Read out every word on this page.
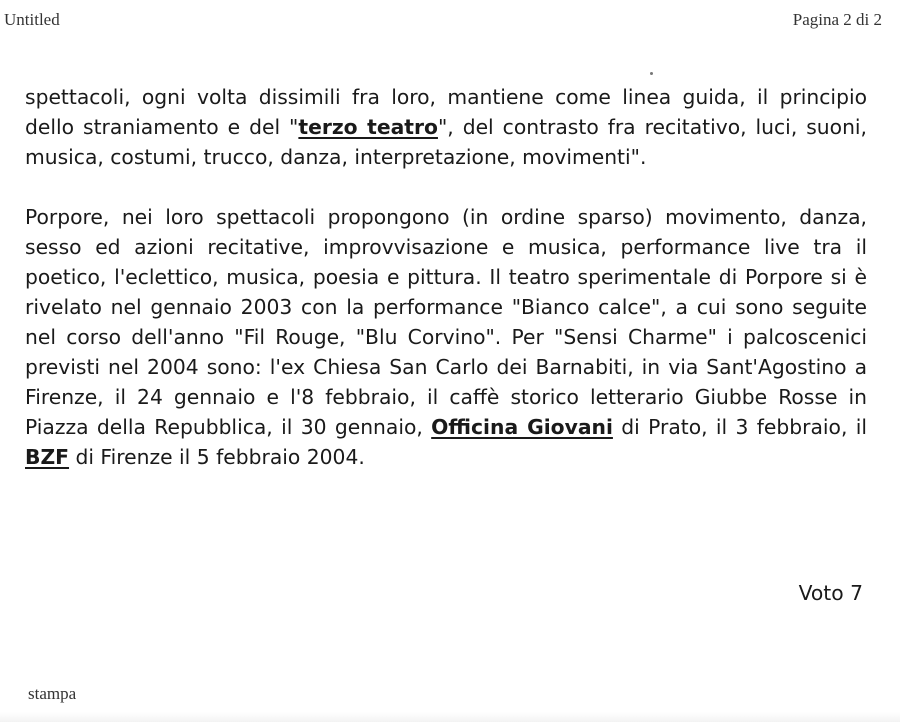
Untitled	Pagina 2 di 2

spettacoli, ogni volta dissimili fra loro, mantiene come linea guida, il principio dello straniamento e del "terzo teatro", del contrasto fra recitativo, luci, suoni, musica, costumi, trucco, danza, interpretazione, movimenti".

Porpore, nei loro spettacoli propongono (in ordine sparso) movimento, danza, sesso ed azioni recitative, improvvisazione e musica, performance live tra il poetico, l'eclettico, musica, poesia e pittura. Il teatro sperimentale di Porpore si è rivelato nel gennaio 2003 con la performance "Bianco calce", a cui sono seguite nel corso dell'anno "Fil Rouge, "Blu Corvino". Per "Sensi Charme" i palcoscenici previsti nel 2004 sono: l'ex Chiesa San Carlo dei Barnabiti, in via Sant'Agostino a Firenze, il 24 gennaio e l'8 febbraio, il caffè storico letterario Giubbe Rosse in Piazza della Repubblica, il 30 gennaio, Officina Giovani di Prato, il 3 febbraio, il BZF di Firenze il 5 febbraio 2004.

Voto 7
stampa
